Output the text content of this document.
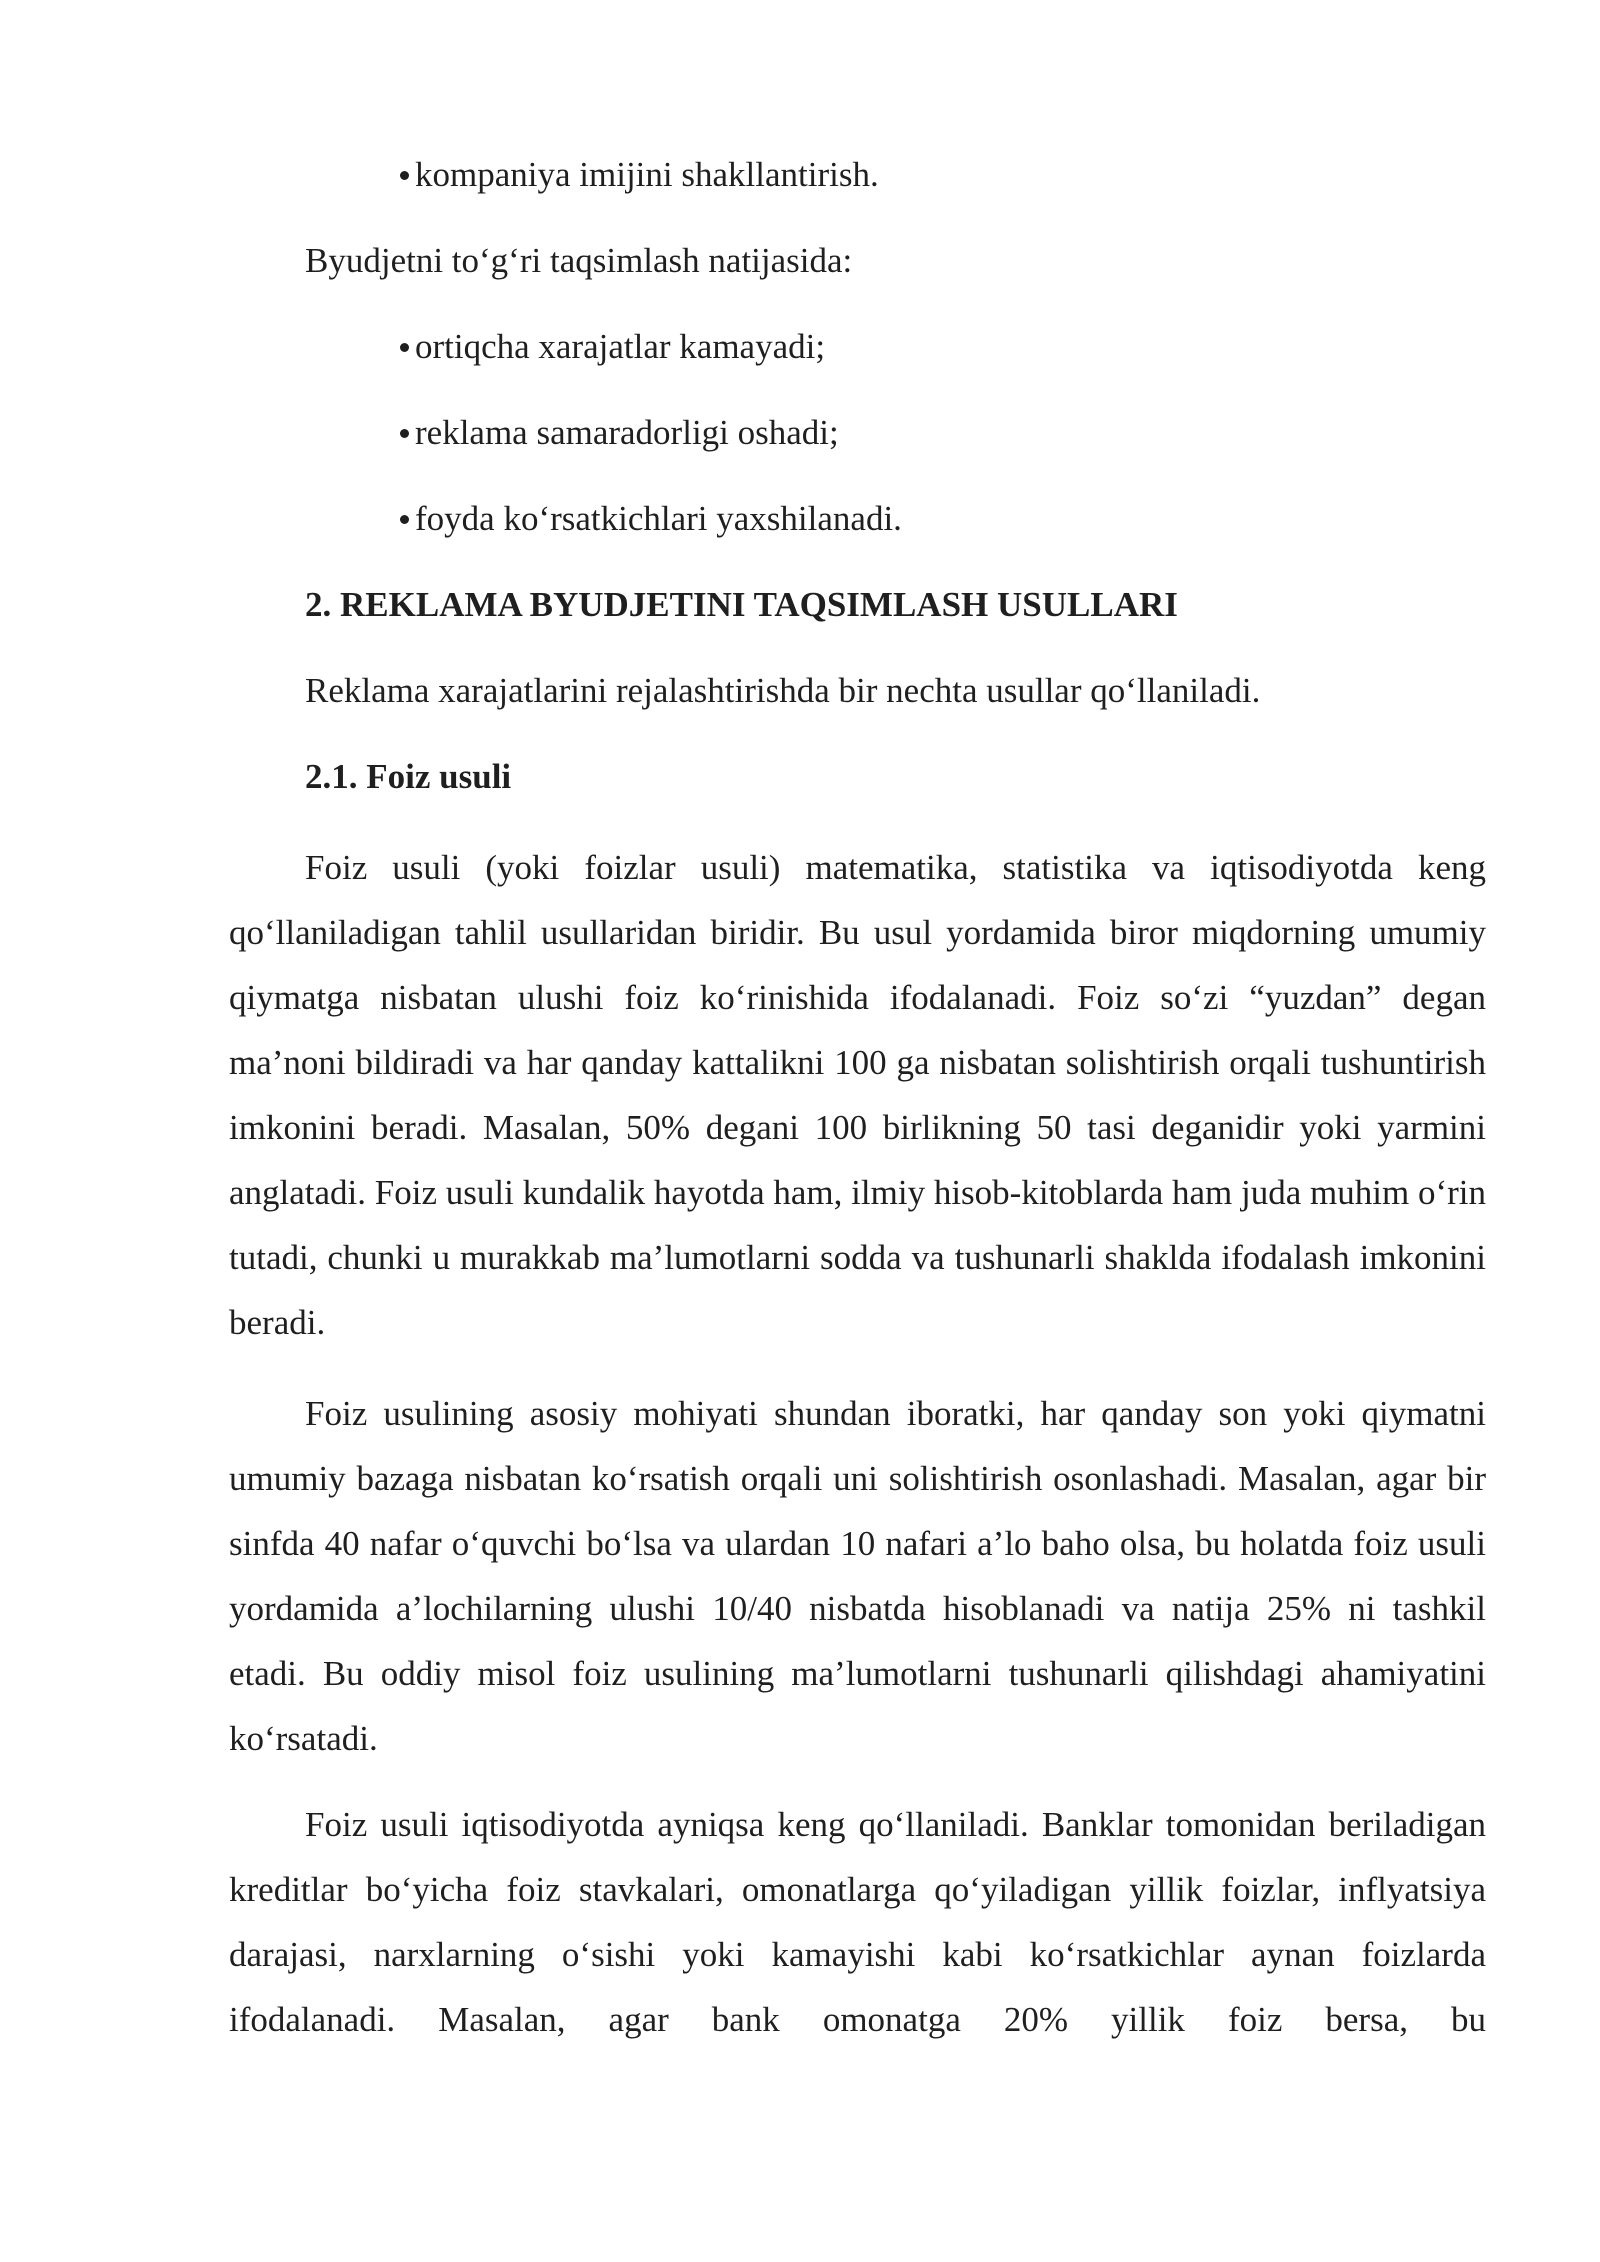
kompaniya imijini shakllantirish.

Byudjetni to‘g‘ri taqsimlash natijasida:

ortiqcha xarajatlar kamayadi;

reklama samaradorligi oshadi;

foyda ko‘rsatkichlari yaxshilanadi.

2. REKLAMA BYUDJETINI TAQSIMLASH USULLARI

Reklama xarajatlarini rejalashtirishda bir nechta usullar qo‘llaniladi.

2.1. Foiz usuli

Foiz usuli (yoki foizlar usuli) matematika, statistika va iqtisodiyotda keng qo‘llaniladigan tahlil usullaridan biridir. Bu usul yordamida biror miqdorning umumiy qiymatga nisbatan ulushi foiz ko‘rinishida ifodalanadi. Foiz so‘zi “yuzdan” degan ma’noni bildiradi va har qanday kattalikni 100 ga nisbatan solishtirish orqali tushuntirish imkonini beradi. Masalan, 50% degani 100 birlikning 50 tasi deganidir yoki yarmini anglatadi. Foiz usuli kundalik hayotda ham, ilmiy hisob-kitoblarda ham juda muhim o‘rin tutadi, chunki u murakkab ma’lumotlarni sodda va tushunarli shaklda ifodalash imkonini beradi.

Foiz usulining asosiy mohiyati shundan iboratki, har qanday son yoki qiymatni umumiy bazaga nisbatan ko‘rsatish orqali uni solishtirish osonlashadi. Masalan, agar bir sinfda 40 nafar o‘quvchi bo‘lsa va ulardan 10 nafari a’lo baho olsa, bu holatda foiz usuli yordamida a’lochilarning ulushi 10/40 nisbatda hisoblanadi va natija 25% ni tashkil etadi. Bu oddiy misol foiz usulining ma’lumotlarni tushunarli qilishdagi ahamiyatini ko‘rsatadi.

Foiz usuli iqtisodiyotda ayniqsa keng qo‘llaniladi. Banklar tomonidan beriladigan kreditlar bo‘yicha foiz stavkalari, omonatlarga qo‘yiladigan yillik foizlar, inflyatsiya darajasi, narxlarning o‘sishi yoki kamayishi kabi ko‘rsatkichlar aynan foizlarda ifodalanadi. Masalan, agar bank omonatga 20% yillik foiz bersa, bu
